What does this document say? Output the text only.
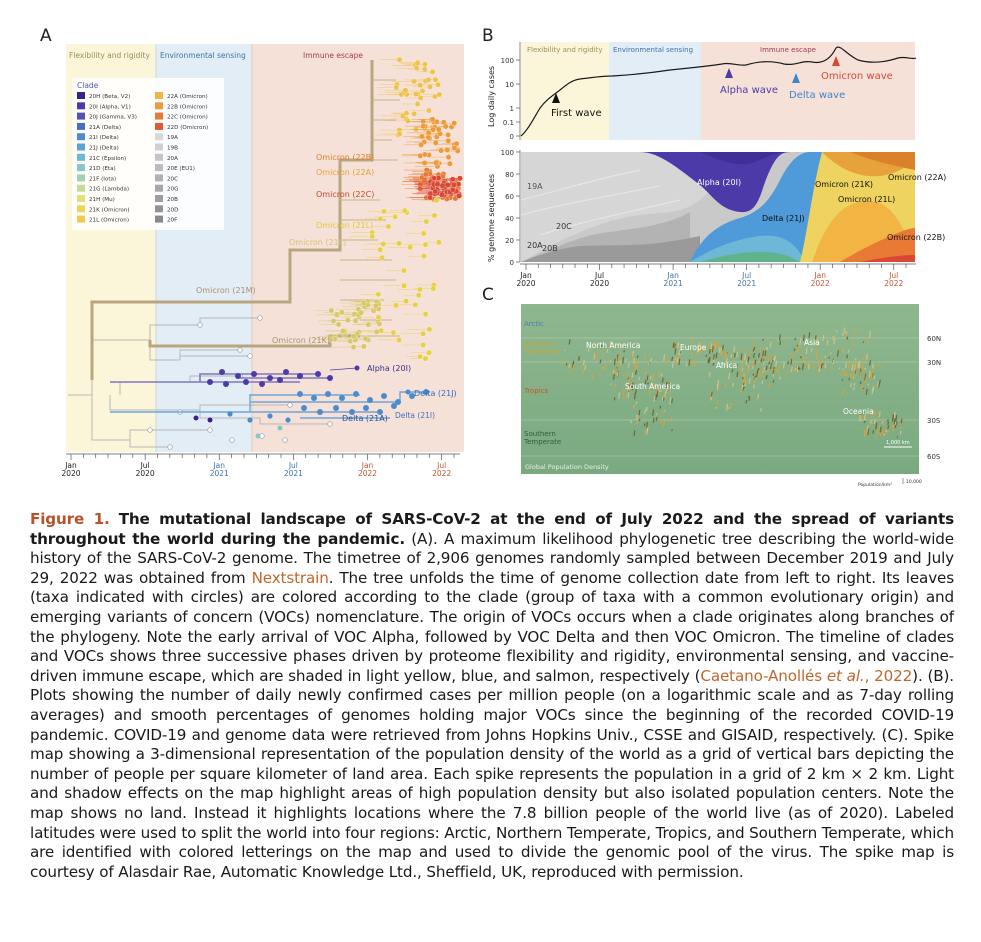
A	B
C
Flexibility and rigidity Environmental sensing	Immune escape
Clade
20H (Beta, V2)
20I (Alpha, V1)
20J (Gamma, V3)
21A (Delta)
21I (Delta)
21J (Delta)
21C (Epsilon)
21D (Eta)
21F (Iota)
21G (Lambda)
21H (Mu)
21K (Omicron)
21L (Omicron)
22A (Omicron)
22B (Omicron)
22C (Omicron)
22D (Omicron)
19A
19B
20A
20E (EU1)
20C
20G
20B
20D
20F
Omicron (22B)
Omicron (22A)
Omicron (22C)
Omicron (21L)
Omicron (21L)
Omicron (21M)
Omicron (21K)
Alpha (20I)
Delta (21J)
Delta (21A) Delta (21I)
Jan
2020
Jul
2020
Jan
2021
Jul
2021
Jan
2022
Jul
2022
Flexibility and rigidity Environmental sensing	Immune escape
Log daily cases
100
10
1
0.1
0
First wave
Alpha wave Delta wave
Omicron wave
% genome sequences
100
80
60
40
20
0
19A
20C
20A 20B
Alpha (20I)
Delta (21J)
Omicron (21K)
Omicron (22A)
Omicron (21L)
Omicron (22B)
Jan
2020
Jul
2020
Jan
2021
Jul
2021
Jan
2022
Jul
2022
Arctic
Northern Temperate
Tropics
Southern Temperate
North America	Europe
Asia
Africa
South America
Oceania
60N
30N
30S
60S
1,000 km
Global Population Density
Population/km²
10,000
Figure 1. The mutational landscape of SARS-CoV-2 at the end of July 2022 and the spread of variants throughout the world during the pandemic. (A). A maximum likelihood phylogenetic tree describing the world-wide history of the SARS-CoV-2 genome. The timetree of 2,906 genomes randomly sampled between December 2019 and July 29, 2022 was obtained from Nextstrain. The tree unfolds the time of genome collection date from left to right. Its leaves (taxa indicated with circles) are colored according to the clade (group of taxa with a common evolutionary origin) and emerging variants of concern (VOCs) nomenclature. The origin of VOCs occurs when a clade originates along branches of the phylogeny. Note the early arrival of VOC Alpha, followed by VOC Delta and then VOC Omicron. The timeline of clades and VOCs shows three successive phases driven by proteome flexibility and rigidity, environmental sensing, and vaccine-driven immune escape, which are shaded in light yellow, blue, and salmon, respectively (Caetano-Anollés et al., 2022). (B). Plots showing the number of daily newly confirmed cases per million people (on a logarithmic scale and as 7-day rolling averages) and smooth percentages of genomes holding major VOCs since the beginning of the recorded COVID-19 pandemic. COVID-19 and genome data were retrieved from Johns Hopkins Univ., CSSE and GISAID, respectively. (C). Spike map showing a 3-dimensional representation of the population density of the world as a grid of vertical bars depicting the number of people per square kilometer of land area. Each spike represents the population in a grid of 2 km × 2 km. Light and shadow effects on the map highlight areas of high population density but also isolated population centers. Note the map shows no land. Instead it highlights locations where the 7.8 billion people of the world live (as of 2020). Labeled latitudes were used to split the world into four regions: Arctic, Northern Temperate, Tropics, and Southern Temperate, which are identified with colored letterings on the map and used to divide the genomic pool of the virus. The spike map is courtesy of Alasdair Rae, Automatic Knowledge Ltd., Sheffield, UK, reproduced with permission.
